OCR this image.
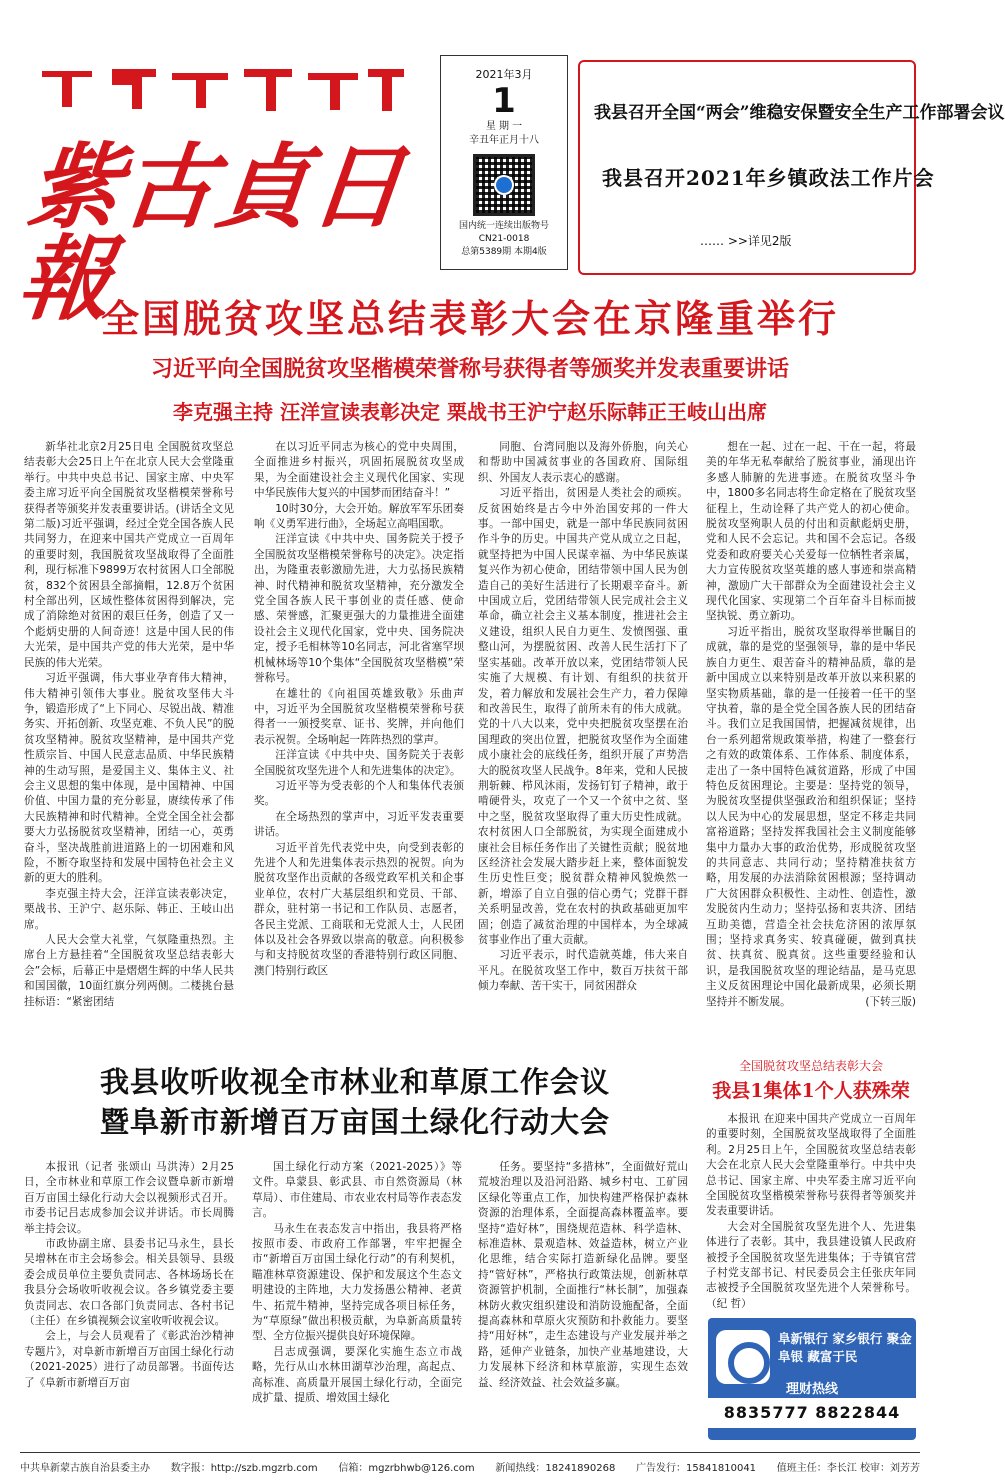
紫古貞日報
2021年3月
1
星 期 一
辛丑年正月十八
国内统一连续出版物号
CN21-0018
总第5389期 本期4版
我县召开全国“两会”维稳安保暨安全生产工作部署会议
我县召开2021年乡镇政法工作片会
…… >>详见2版
全国脱贫攻坚总结表彰大会在京隆重举行
习近平向全国脱贫攻坚楷模荣誉称号获得者等颁奖并发表重要讲话
李克强主持 汪洋宣读表彰决定 栗战书王沪宁赵乐际韩正王岐山出席

新华社北京2月25日电 全国脱贫攻坚总结表彰大会25日上午在北京人民大会堂隆重举行。中共中央总书记、国家主席、中央军委主席习近平向全国脱贫攻坚楷模荣誉称号获得者等颁奖并发表重要讲话。(讲话全文见第二版)习近平强调，经过全党全国各族人民共同努力，在迎来中国共产党成立一百周年的重要时刻，我国脱贫攻坚战取得了全面胜利，现行标准下9899万农村贫困人口全部脱贫，832个贫困县全部摘帽，12.8万个贫困村全部出列，区域性整体贫困得到解决，完成了消除绝对贫困的艰巨任务，创造了又一个彪炳史册的人间奇迹！这是中国人民的伟大光荣，是中国共产党的伟大光荣，是中华民族的伟大光荣。

习近平强调，伟大事业孕育伟大精神，伟大精神引领伟大事业。脱贫攻坚伟大斗争，锻造形成了“上下同心、尽锐出战、精准务实、开拓创新、攻坚克难、不负人民”的脱贫攻坚精神。脱贫攻坚精神，是中国共产党性质宗旨、中国人民意志品质、中华民族精神的生动写照，是爱国主义、集体主义、社会主义思想的集中体现，是中国精神、中国价值、中国力量的充分彰显，赓续传承了伟大民族精神和时代精神。全党全国全社会都要大力弘扬脱贫攻坚精神，团结一心，英勇奋斗，坚决战胜前进道路上的一切困难和风险，不断夺取坚持和发展中国特色社会主义新的更大的胜利。

李克强主持大会，汪洋宣读表彰决定，栗战书、王沪宁、赵乐际、韩正、王岐山出席。

人民大会堂大礼堂，气氛隆重热烈。主席台上方悬挂着“全国脱贫攻坚总结表彰大会”会标，后幕正中是熠熠生辉的中华人民共和国国徽，10面红旗分列两侧。二楼挑台悬挂标语：“紧密团结

在以习近平同志为核心的党中央周围，全面推进乡村振兴，巩固拓展脱贫攻坚成果，为全面建设社会主义现代化国家、实现中华民族伟大复兴的中国梦而团结奋斗！”

10时30分，大会开始。解放军军乐团奏响《义勇军进行曲》，全场起立高唱国歌。

汪洋宣读《中共中央、国务院关于授予全国脱贫攻坚楷模荣誉称号的决定》。决定指出，为隆重表彰激励先进，大力弘扬民族精神、时代精神和脱贫攻坚精神，充分激发全党全国各族人民干事创业的责任感、使命感、荣誉感，汇聚更强大的力量推进全面建设社会主义现代化国家，党中央、国务院决定，授予毛相林等10名同志，河北省塞罕坝机械林场等10个集体“全国脱贫攻坚楷模”荣誉称号。

在雄壮的《向祖国英雄致敬》乐曲声中，习近平为全国脱贫攻坚楷模荣誉称号获得者一一颁授奖章、证书、奖牌，并向他们表示祝贺。全场响起一阵阵热烈的掌声。

汪洋宣读《中共中央、国务院关于表彰全国脱贫攻坚先进个人和先进集体的决定》。

习近平等为受表彰的个人和集体代表颁奖。

在全场热烈的掌声中，习近平发表重要讲话。

习近平首先代表党中央，向受到表彰的先进个人和先进集体表示热烈的祝贺。向为脱贫攻坚作出贡献的各级党政军机关和企事业单位，农村广大基层组织和党员、干部、群众，驻村第一书记和工作队员、志愿者，各民主党派、工商联和无党派人士，人民团体以及社会各界致以崇高的敬意。向积极参与和支持脱贫攻坚的香港特别行政区同胞、澳门特别行政区

同胞、台湾同胞以及海外侨胞，向关心和帮助中国减贫事业的各国政府、国际组织、外国友人表示衷心的感谢。

习近平指出，贫困是人类社会的顽疾。反贫困始终是古今中外治国安邦的一件大事。一部中国史，就是一部中华民族同贫困作斗争的历史。中国共产党从成立之日起，就坚持把为中国人民谋幸福、为中华民族谋复兴作为初心使命，团结带领中国人民为创造自己的美好生活进行了长期艰辛奋斗。新中国成立后，党团结带领人民完成社会主义革命，确立社会主义基本制度，推进社会主义建设，组织人民自力更生、发愤图强、重整山河，为摆脱贫困、改善人民生活打下了坚实基础。改革开放以来，党团结带领人民实施了大规模、有计划、有组织的扶贫开发，着力解放和发展社会生产力，着力保障和改善民生，取得了前所未有的伟大成就。党的十八大以来，党中央把脱贫攻坚摆在治国理政的突出位置，把脱贫攻坚作为全面建成小康社会的底线任务，组织开展了声势浩大的脱贫攻坚人民战争。8年来，党和人民披荆斩棘、栉风沐雨，发扬钉钉子精神，敢于啃硬骨头，攻克了一个又一个贫中之贫、坚中之坚，脱贫攻坚取得了重大历史性成就。农村贫困人口全部脱贫，为实现全面建成小康社会目标任务作出了关键性贡献；脱贫地区经济社会发展大踏步赶上来，整体面貌发生历史性巨变；脱贫群众精神风貌焕然一新，增添了自立自强的信心勇气；党群干群关系明显改善，党在农村的执政基础更加牢固；创造了减贫治理的中国样本，为全球减贫事业作出了重大贡献。

习近平表示，时代造就英雄，伟大来自平凡。在脱贫攻坚工作中，数百万扶贫干部倾力奉献、苦干实干，同贫困群众

想在一起、过在一起、干在一起，将最美的年华无私奉献给了脱贫事业，涌现出许多感人肺腑的先进事迹。在脱贫攻坚斗争中，1800多名同志将生命定格在了脱贫攻坚征程上，生动诠释了共产党人的初心使命。脱贫攻坚殉职人员的付出和贡献彪炳史册，党和人民不会忘记。共和国不会忘记。各级党委和政府要关心关爱每一位牺牲者亲属，大力宣传脱贫攻坚英雄的感人事迹和崇高精神，激励广大干部群众为全面建设社会主义现代化国家、实现第二个百年奋斗目标而披坚执锐、勇立新功。

习近平指出，脱贫攻坚取得举世瞩目的成就，靠的是党的坚强领导，靠的是中华民族自力更生、艰苦奋斗的精神品质，靠的是新中国成立以来特别是改革开放以来积累的坚实物质基础，靠的是一任接着一任干的坚守执着，靠的是全党全国各族人民的团结奋斗。我们立足我国国情，把握减贫规律，出台一系列超常规政策举措，构建了一整套行之有效的政策体系、工作体系、制度体系，走出了一条中国特色减贫道路，形成了中国特色反贫困理论。主要是：坚持党的领导，为脱贫攻坚提供坚强政治和组织保证；坚持以人民为中心的发展思想，坚定不移走共同富裕道路；坚持发挥我国社会主义制度能够集中力量办大事的政治优势，形成脱贫攻坚的共同意志、共同行动；坚持精准扶贫方略，用发展的办法消除贫困根源；坚持调动广大贫困群众积极性、主动性、创造性，激发脱贫内生动力；坚持弘扬和衷共济、团结互助美德，营造全社会扶危济困的浓厚氛围；坚持求真务实、较真碰硬，做到真扶贫、扶真贫、脱真贫。这些重要经验和认识，是我国脱贫攻坚的理论结晶，是马克思主义反贫困理论中国化最新成果，必须长期坚持并不断发展。	(下转三版)

我县收听收视全市林业和草原工作会议
暨阜新市新增百万亩国土绿化行动大会

本报讯（记者 张颂山 马洪涛）2月25日，全市林业和草原工作会议暨阜新市新增百万亩国土绿化行动大会以视频形式召开。市委书记吕志成参加会议并讲话。市长周腾举主持会议。

市政协副主席、县委书记马永生，县长吴增林在市主会场参会。相关县领导、县级委会成员单位主要负责同志、各林场场长在我县分会场收听收视会议。各乡镇党委主要负责同志、农口各部门负责同志、各村书记（主任）在乡镇视频会议室收听收视会议。

会上，与会人员观看了《彰武治沙精神专题片》，对阜新市新增百万亩国土绿化行动（2021-2025）进行了动员部署。书面传达了《阜新市新增百万亩

国土绿化行动方案（2021-2025）》等文件。阜蒙县、彰武县、市自然资源局（林草局）、市住建局、市农业农村局等作表态发言。

马永生在表态发言中指出，我县将严格按照市委、市政府工作部署，牢牢把握全市“新增百万亩国土绿化行动”的有利契机，瞄准林草资源建设、保护和发展这个生态文明建设的主阵地，大力发扬愚公精神、老黄牛、拓荒牛精神，坚持完成各项目标任务，为“草原绿”做出积极贡献，为阜新高质量转型、全方位振兴提供良好环境保障。

吕志成强调，要深化实施生态立市战略，先行从山水林田湖草沙治理，高起点、高标准、高质量开展国土绿化行动，全面完成扩量、提质、增效国土绿化

任务。要坚持“多措林”，全面做好荒山荒坡治理以及沿河沿路、城乡村屯、工矿园区绿化等重点工作，加快构建严格保护森林资源的治理体系，全面提高森林覆盖率。要坚持“造好林”，围绕规范造林、科学造林、标准造林、景观造林、效益造林，树立产业化思维，结合实际打造新绿化品牌。要坚持“管好林”，严格执行政策法规，创新林草资源管护机制，全面推行“林长制”，加强森林防火救灾组织建设和消防设施配备，全面提高森林和草原火灾预防和扑救能力。要坚持“用好林”，走生态建设与产业发展并举之路，延伸产业链条，加快产业基地建设，大力发展林下经济和林草旅游，实现生态效益、经济效益、社会效益多赢。

全国脱贫攻坚总结表彰大会
我县1集体1个人获殊荣

本报讯 在迎来中国共产党成立一百周年的重要时刻，全国脱贫攻坚战取得了全面胜利。2月25日上午，全国脱贫攻坚总结表彰大会在北京人民大会堂隆重举行。中共中央总书记、国家主席、中央军委主席习近平向全国脱贫攻坚楷模荣誉称号获得者等颁奖并发表重要讲话。

大会对全国脱贫攻坚先进个人、先进集体进行了表彰。其中，我县建设镇人民政府被授予全国脱贫攻坚先进集体；于寺镇官营子村党支部书记、村民委员会主任张庆年同志被授予全国脱贫攻坚先进个人荣誉称号。（纪 哲）

阜新银行 家乡银行 聚金阜银 藏富于民
理财热线
8835777 8822844
中共阜新蒙古族自治县委主办 数字报：http://szb.mgzrb.com 信箱：mgzrbhwb@126.com 新闻热线：18241890268 广告发行：15841810041 值班主任：李长江 校审：刘芳芳
